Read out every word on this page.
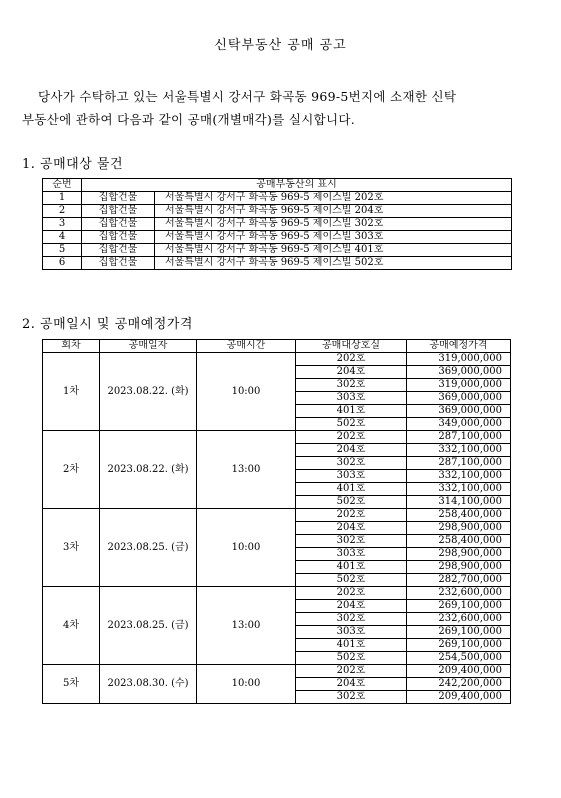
신탁부동산 공매 공고
당사가 수탁하고 있는 서울특별시 강서구 화곡동 969-5번지에 소재한 신탁
부동산에 관하여 다음과 같이 공매(개별매각)를 실시합니다.
1. 공매대상 물건
순번	공매부동산의 표시	
1	집합건물	서울특별시 강서구 화곡동 969-5 제이스빌 202호
2	집합건물	서울특별시 강서구 화곡동 969-5 제이스빌 204호
3	집합건물	서울특별시 강서구 화곡동 969-5 제이스빌 302호
4	집합건물	서울특별시 강서구 화곡동 969-5 제이스빌 303호
5	집합건물	서울특별시 강서구 화곡동 969-5 제이스빌 401호
6	집합건물	서울특별시 강서구 화곡동 969-5 제이스빌 502호
2. 공매일시 및 공매예정가격
회차	공매일자	공매시간	공매대상호실	공매예정가격
1차	2023.08.22. (화)	10:00	202호	319,000,000
			204호	369,000,000
			302호	319,000,000
			303호	369,000,000
			401호	369,000,000
			502호	349,000,000
2차	2023.08.22. (화)	13:00	202호	287,100,000
			204호	332,100,000
			302호	287,100,000
			303호	332,100,000
			401호	332,100,000
			502호	314,100,000
3차	2023.08.25. (금)	10:00	202호	258,400,000
			204호	298,900,000
			302호	258,400,000
			303호	298,900,000
			401호	298,900,000
			502호	282,700,000
4차	2023.08.25. (금)	13:00	202호	232,600,000
			204호	269,100,000
			302호	232,600,000
			303호	269,100,000
			401호	269,100,000
			502호	254,500,000
5차	2023.08.30. (수)	10:00	202호	209,400,000
			204호	242,200,000
			302호	209,400,000
